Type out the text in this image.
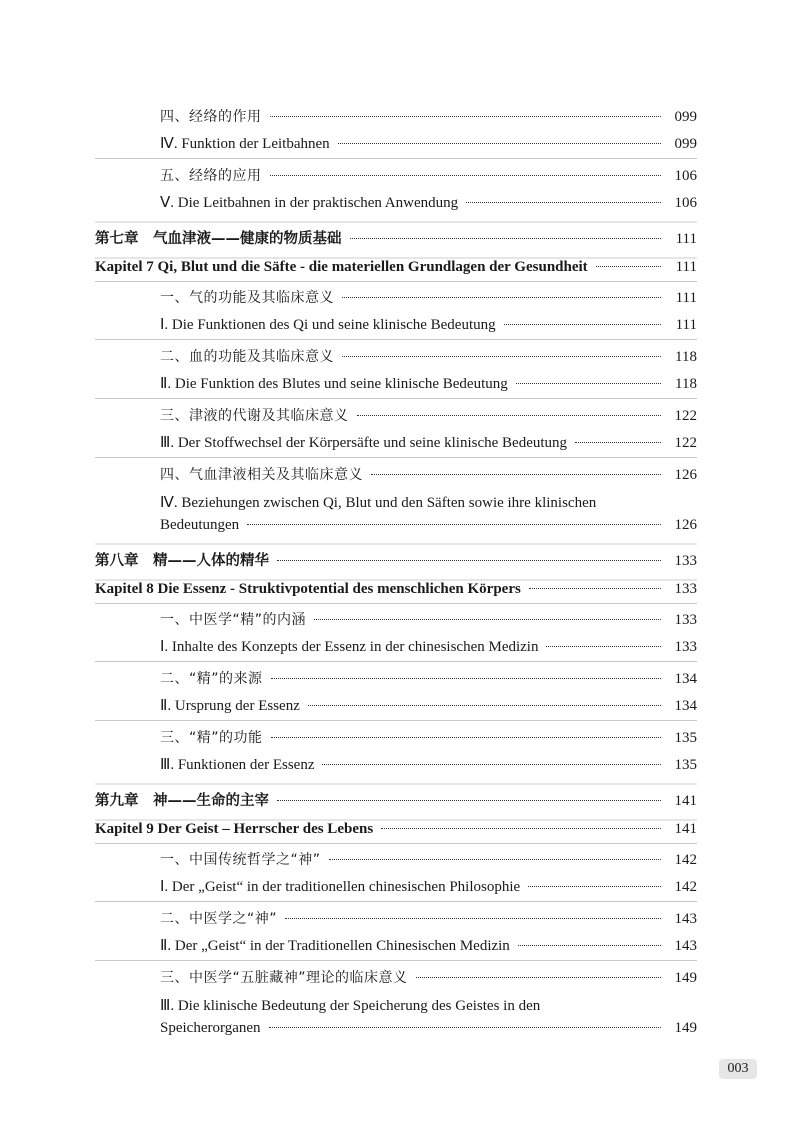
四、经络的作用	099
Ⅳ. Funktion der Leitbahnen	099
五、经络的应用	106
Ⅴ. Die Leitbahnen in der praktischen Anwendung	106
第七章　气血津液——健康的物质基础	111
Kapitel 7 Qi, Blut und die Säfte - die materiellen Grundlagen der Gesundheit	111
一、气的功能及其临床意义	111
Ⅰ. Die Funktionen des Qi und seine klinische Bedeutung	111
二、血的功能及其临床意义	118
Ⅱ. Die Funktion des Blutes und seine klinische Bedeutung	118
三、津液的代谢及其临床意义	122
Ⅲ. Der Stoffwechsel der Körpersäfte und seine klinische Bedeutung	122
四、气血津液相关及其临床意义	126
Ⅳ. Beziehungen zwischen Qi, Blut und den Säften sowie ihre klinischen
Bedeutungen	126
第八章　精——人体的精华	133
Kapitel 8 Die Essenz - Struktivpotential des menschlichen Körpers	133
一、中医学“精”的内涵	133
Ⅰ. Inhalte des Konzepts der Essenz in der chinesischen Medizin	133
二、“精”的来源	134
Ⅱ. Ursprung der Essenz	134
三、“精”的功能	135
Ⅲ. Funktionen der Essenz	135
第九章　神——生命的主宰	141
Kapitel 9 Der Geist – Herrscher des Lebens	141
一、中国传统哲学之“神”	142
Ⅰ. Der „Geist“ in der traditionellen chinesischen Philosophie	142
二、中医学之“神”	143
Ⅱ. Der „Geist“ in der Traditionellen Chinesischen Medizin	143
三、中医学“五脏藏神”理论的临床意义	149
Ⅲ. Die klinische Bedeutung der Speicherung des Geistes in den
Speicherorganen	149
003
